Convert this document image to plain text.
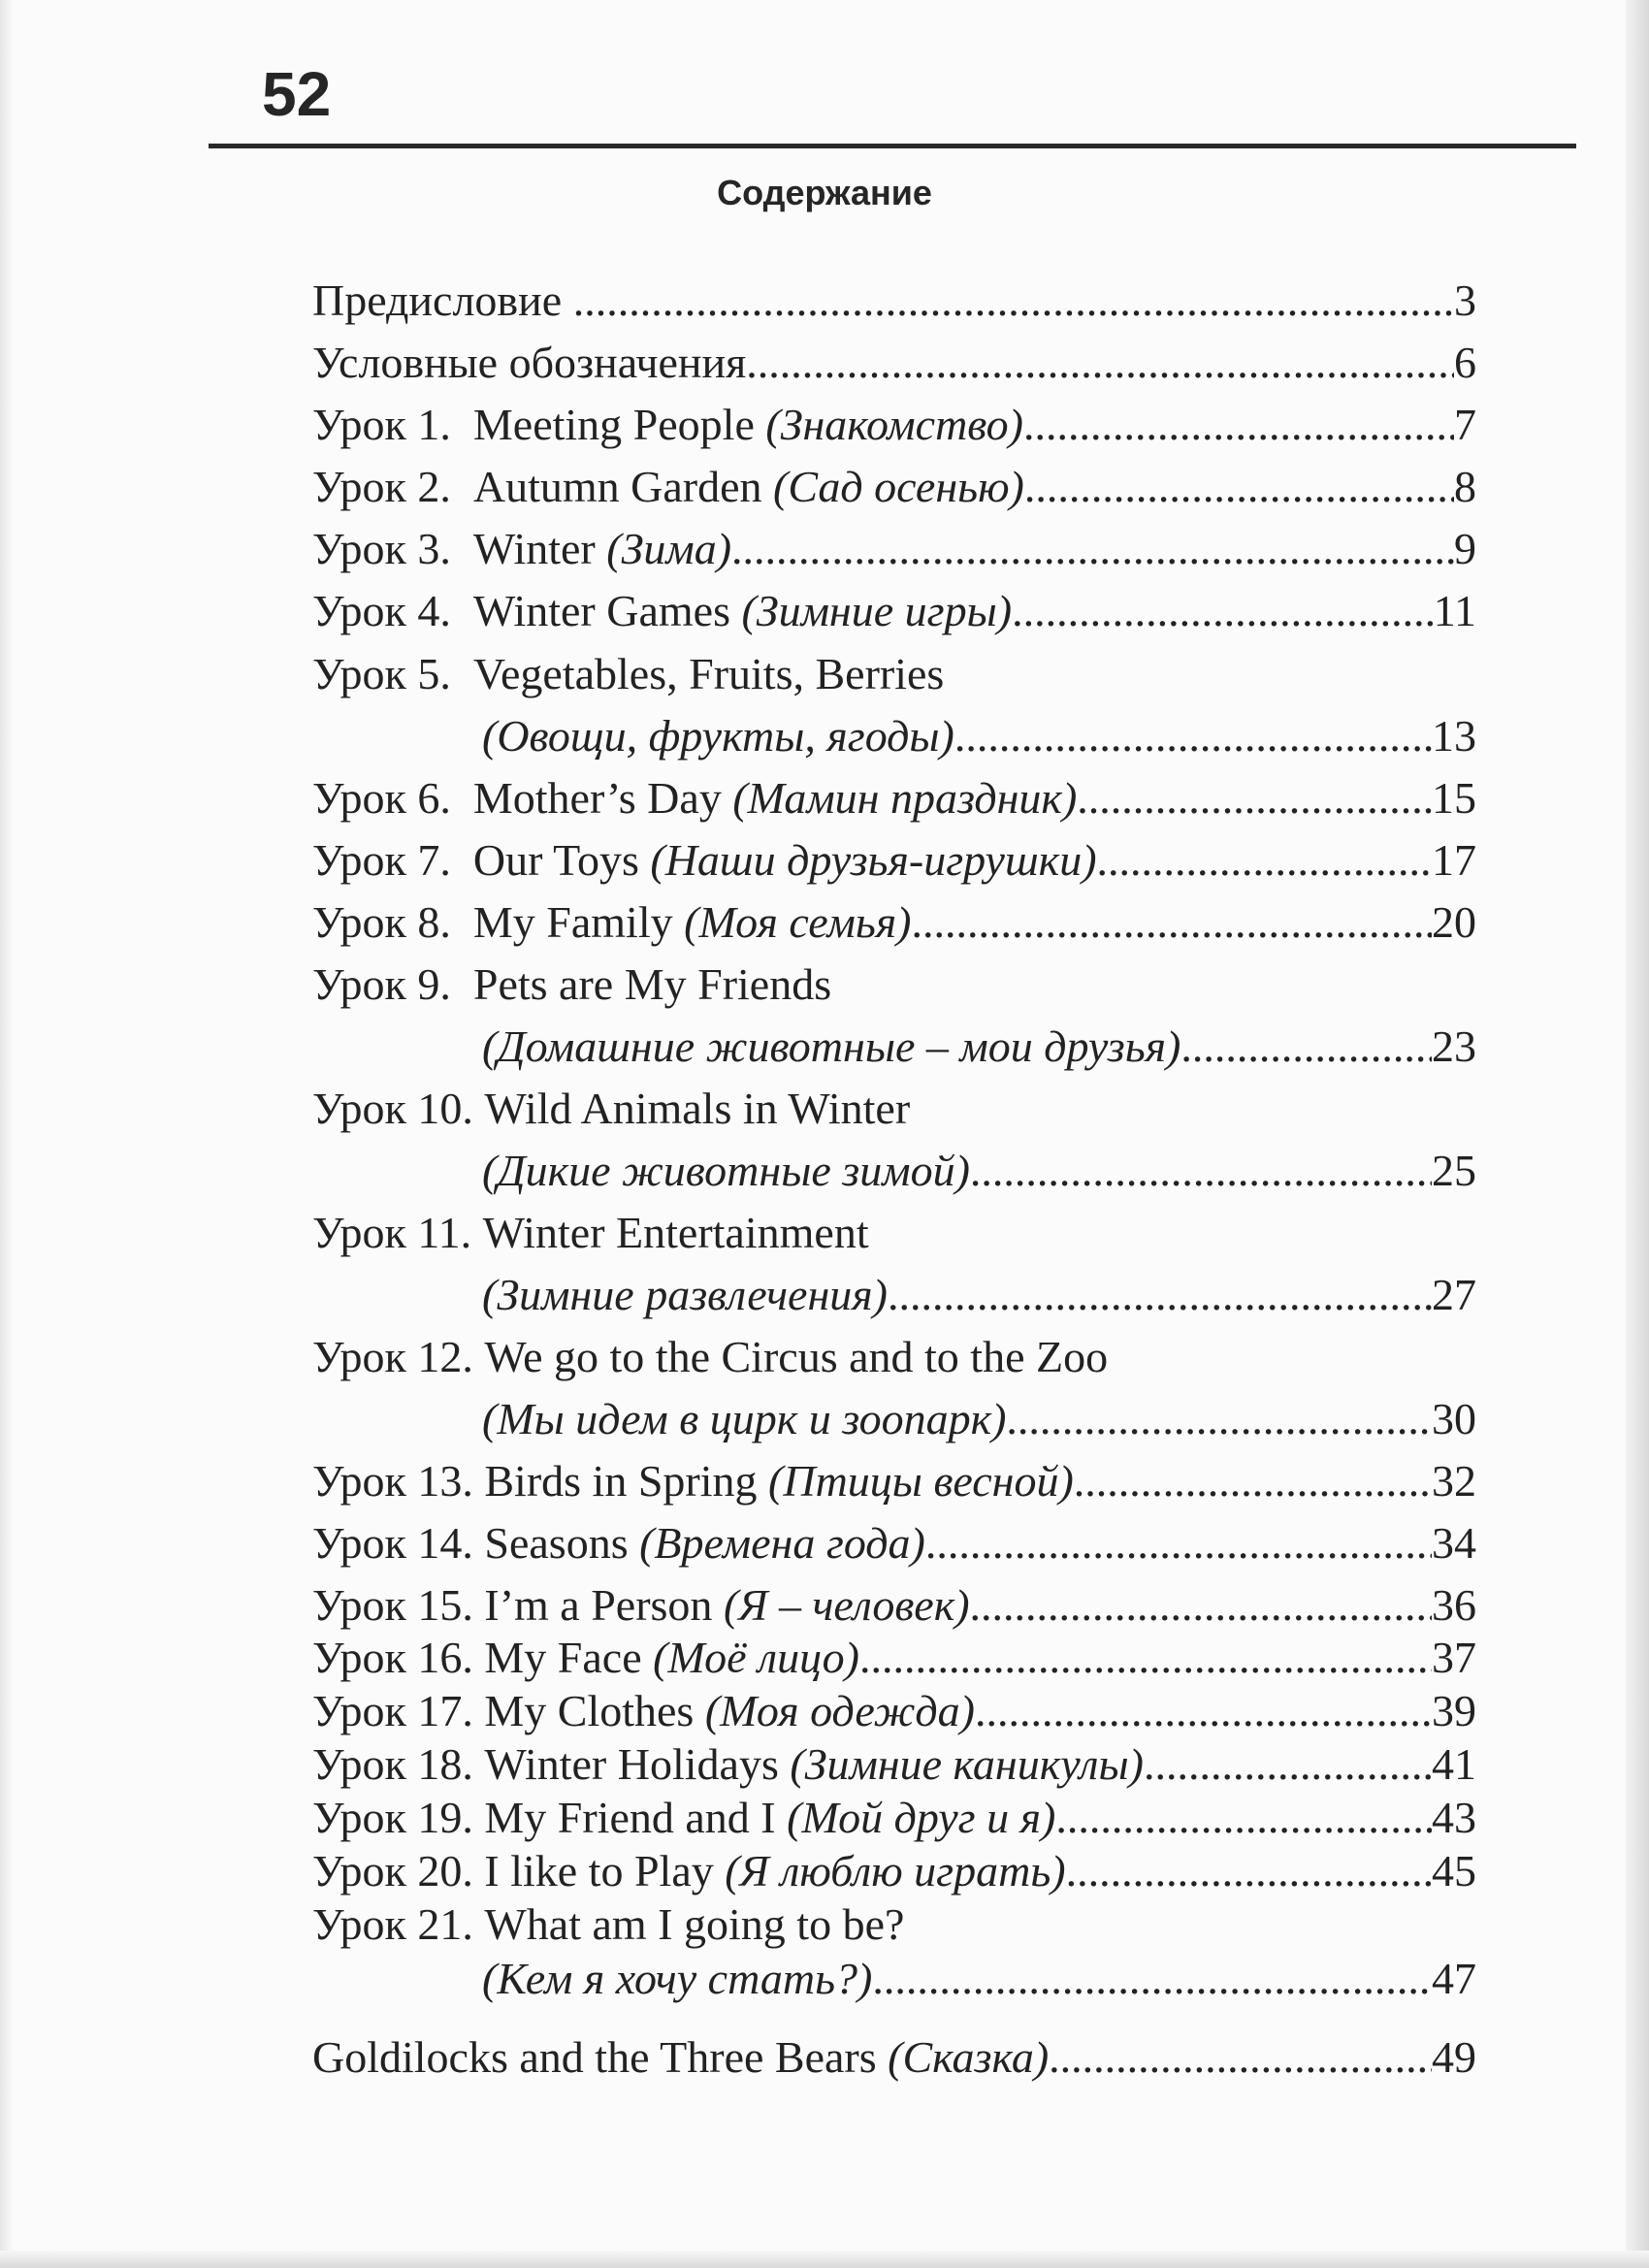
52
Содержание
Предисловие .....	3
Условные обозначения .....	6
Урок 1.  Meeting People (Знакомство) .....	7
Урок 2.  Autumn Garden (Сад осенью) .....	8
Урок 3.  Winter (Зима) .....	9
Урок 4.  Winter Games (Зимние игры) .....	11
Урок 5.  Vegetables, Fruits, Berries
(Овощи, фрукты, ягоды) .....	13
Урок 6.  Mother’s Day (Мамин праздник) .....	15
Урок 7.  Our Toys (Наши друзья-игрушки) .....	17
Урок 8.  My Family (Моя семья) .....	20
Урок 9.  Pets are My Friends
(Домашние животные – мои друзья) .....	23
Урок 10. Wild Animals in Winter
(Дикие животные зимой) .....	25
Урок 11. Winter Entertainment
(Зимние развлечения) .....	27
Урок 12. We go to the Circus and to the Zoo
(Мы идем в цирк и зоопарк) .....	30
Урок 13. Birds in Spring (Птицы весной) .....	32
Урок 14. Seasons (Времена года) .....	34
Урок 15. I’m a Person (Я – человек) .....	36
Урок 16. My Face (Моё лицо) .....	37
Урок 17. My Clothes (Моя одежда) .....	39
Урок 18. Winter Holidays (Зимние каникулы) .....	41
Урок 19. My Friend and I (Мой друг и я) .....	43
Урок 20. I like to Play (Я люблю играть) .....	45
Урок 21. What am I going to be?
(Кем я хочу стать?) .....	47
Goldilocks and the Three Bears (Сказка) .....	49
